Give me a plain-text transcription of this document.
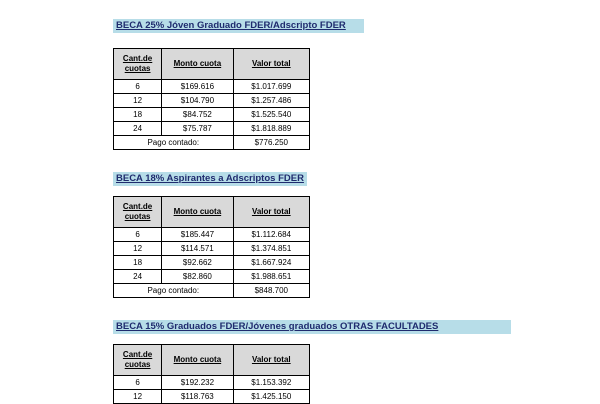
BECA 25% Jóven Graduado FDER/Adscripto FDER
Cant.de cuotas	Monto cuota	Valor total
6	$169.616	$1.017.699
12	$104.790	$1.257.486
18	$84.752	$1.525.540
24	$75.787	$1.818.889
Pago contado:		$776.250
BECA 18% Aspirantes a Adscriptos FDER
Cant.de cuotas	Monto cuota	Valor total
6	$185.447	$1.112.684
12	$114.571	$1.374.851
18	$92.662	$1.667.924
24	$82.860	$1.988.651
Pago contado:		$848.700
BECA 15% Graduados FDER/Jóvenes graduados OTRAS FACULTADES
Cant.de cuotas	Monto cuota	Valor total
6	$192.232	$1.153.392
12	$118.763	$1.425.150
